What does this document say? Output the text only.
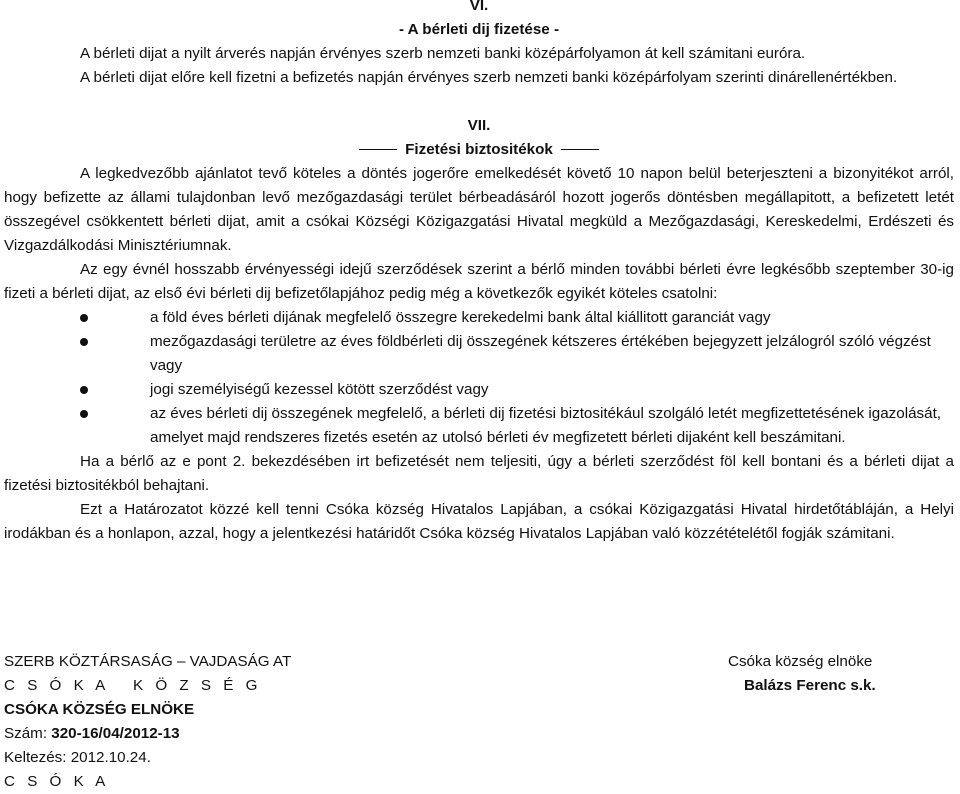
VI.
- A bérleti dij fizetése -

A bérleti dijat a nyilt árverés napján érvényes szerb nemzeti banki középárfolyamon át kell számitani euróra.

A bérleti dijat előre kell fizetni a befizetés napján érvényes szerb nemzeti banki középárfolyam szerinti dinárellenértékben.

VII.
Fizetési biztositékok

A legkedvezőbb ajánlatot tevő köteles a döntés jogerőre emelkedését követő 10 napon belül beterjeszteni a bizonyitékot arról, hogy befizette az állami tulajdonban levő mezőgazdasági terület bérbeadásáról hozott jogerős döntésben megállapitott, a befizetett letét összegével csökkentett bérleti dijat, amit a csókai Községi Közigazgatási Hivatal megküld a Mezőgazdasági, Kereskedelmi, Erdészeti és Vizgazdálkodási Minisztériumnak.

Az egy évnél hosszabb érvényességi idejű szerződések szerint a bérlő minden további bérleti évre legkésőbb szeptember 30-ig fizeti a bérleti dijat, az első évi bérleti dij befizetőlapjához pedig még a következők egyikét köteles csatolni:

a föld éves bérleti dijának megfelelő összegre kerekedelmi bank által kiállitott garanciát vagy
mezőgazdasági területre az éves földbérleti dij összegének kétszeres értékében bejegyzett jelzálogról szóló végzést vagy
jogi személyiségű kezessel kötött szerződést vagy
az éves bérleti dij összegének megfelelő, a bérleti dij fizetési biztositékául szolgáló letét megfizettetésének igazolását, amelyet majd rendszeres fizetés esetén az utolsó bérleti év megfizetett bérleti dijaként kell beszámitani.

Ha a bérlő az e pont 2. bekezdésében irt befizetését nem teljesiti, úgy a bérleti szerződést föl kell bontani és a bérleti dijat a fizetési biztositékból behajtani.

Ezt a Határozatot közzé kell tenni Csóka község Hivatalos Lapjában, a csókai Közigazgatási Hivatal hirdetőtábláján, a Helyi irodákban és a honlapon, azzal, hogy a jelentkezési határidőt Csóka község Hivatalos Lapjában való közzétételétől fogják számitani.

SZERB KÖZTÁRSASÁG – VAJDASÁG AT
C S Ó K A   K Ö Z S É G
CSÓKA KÖZSÉG ELNÖKE
Szám: 320-16/04/2012-13
Keltezés: 2012.10.24.
C S Ó K A
Csóka község elnöke
Balázs Ferenc s.k.
